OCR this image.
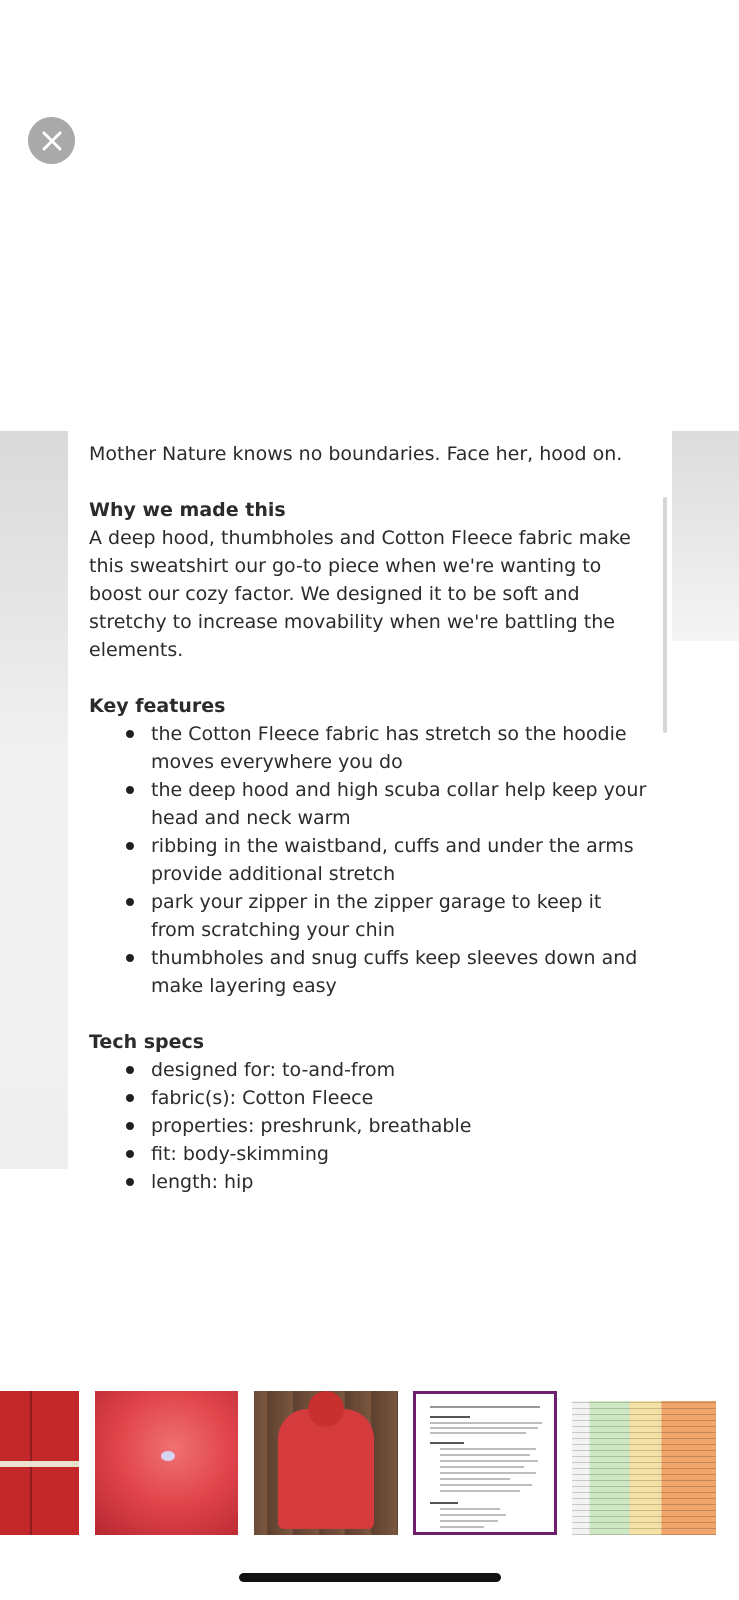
Mother Nature knows no boundaries. Face her, hood on.

Why we made this

A deep hood, thumbholes and Cotton Fleece fabric make this sweatshirt our go-to piece when we're wanting to boost our cozy factor. We designed it to be soft and stretchy to increase movability when we're battling the elements.

Key features
the Cotton Fleece fabric has stretch so the hoodie moves everywhere you do
the deep hood and high scuba collar help keep your head and neck warm
ribbing in the waistband, cuffs and under the arms provide additional stretch
park your zipper in the zipper garage to keep it from scratching your chin
thumbholes and snug cuffs keep sleeves down and make layering easy
Tech specs
designed for: to-and-from
fabric(s): Cotton Fleece
properties: preshrunk, breathable
fit: body-skimming
length: hip
